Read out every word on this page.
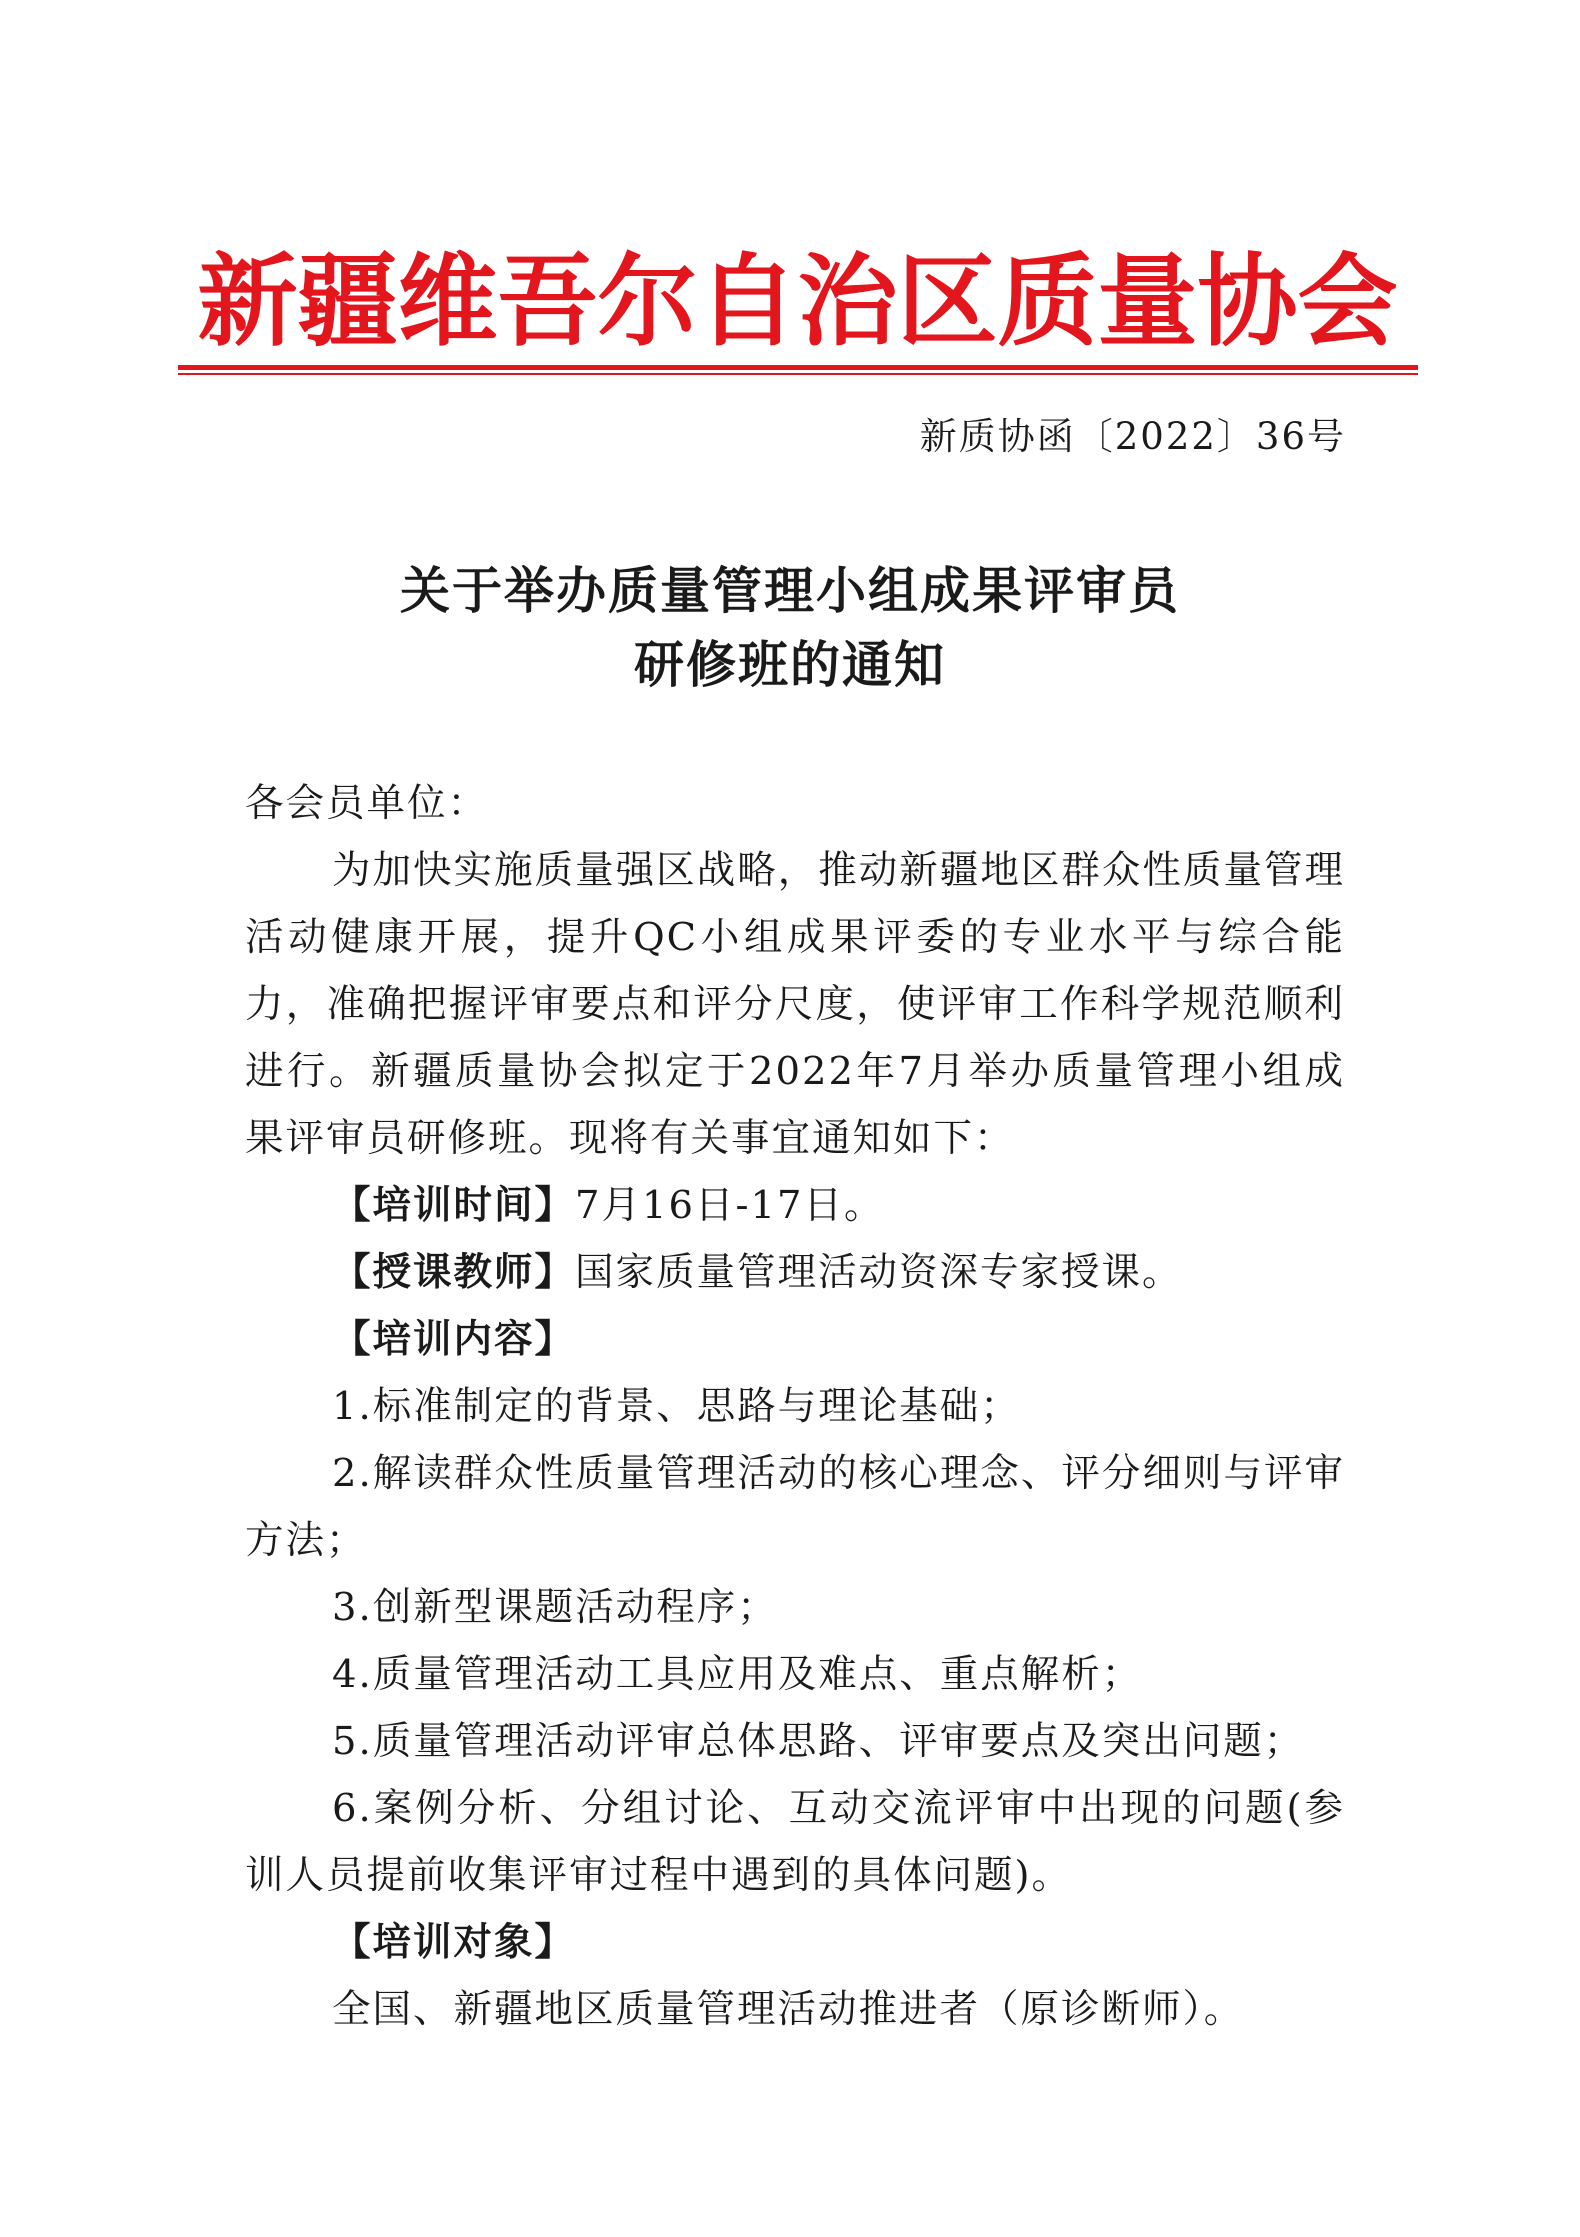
新疆维吾尔自治区质量协会
新质协函〔2022〕36号
关于举办质量管理小组成果评审员
研修班的通知

各会员单位：

为加快实施质量强区战略，推动新疆地区群众性质量管理活动健康开展，提升QC小组成果评委的专业水平与综合能力，准确把握评审要点和评分尺度，使评审工作科学规范顺利进行。新疆质量协会拟定于2022年7月举办质量管理小组成果评审员研修班。现将有关事宜通知如下：

【培训时间】7月16日-17日。

【授课教师】国家质量管理活动资深专家授课。

【培训内容】

1.标准制定的背景、思路与理论基础；

2.解读群众性质量管理活动的核心理念、评分细则与评审方法；

3.创新型课题活动程序；

4.质量管理活动工具应用及难点、重点解析；

5.质量管理活动评审总体思路、评审要点及突出问题；

6.案例分析、分组讨论、互动交流评审中出现的问题(参训人员提前收集评审过程中遇到的具体问题)。

【培训对象】

全国、新疆地区质量管理活动推进者（原诊断师）。
